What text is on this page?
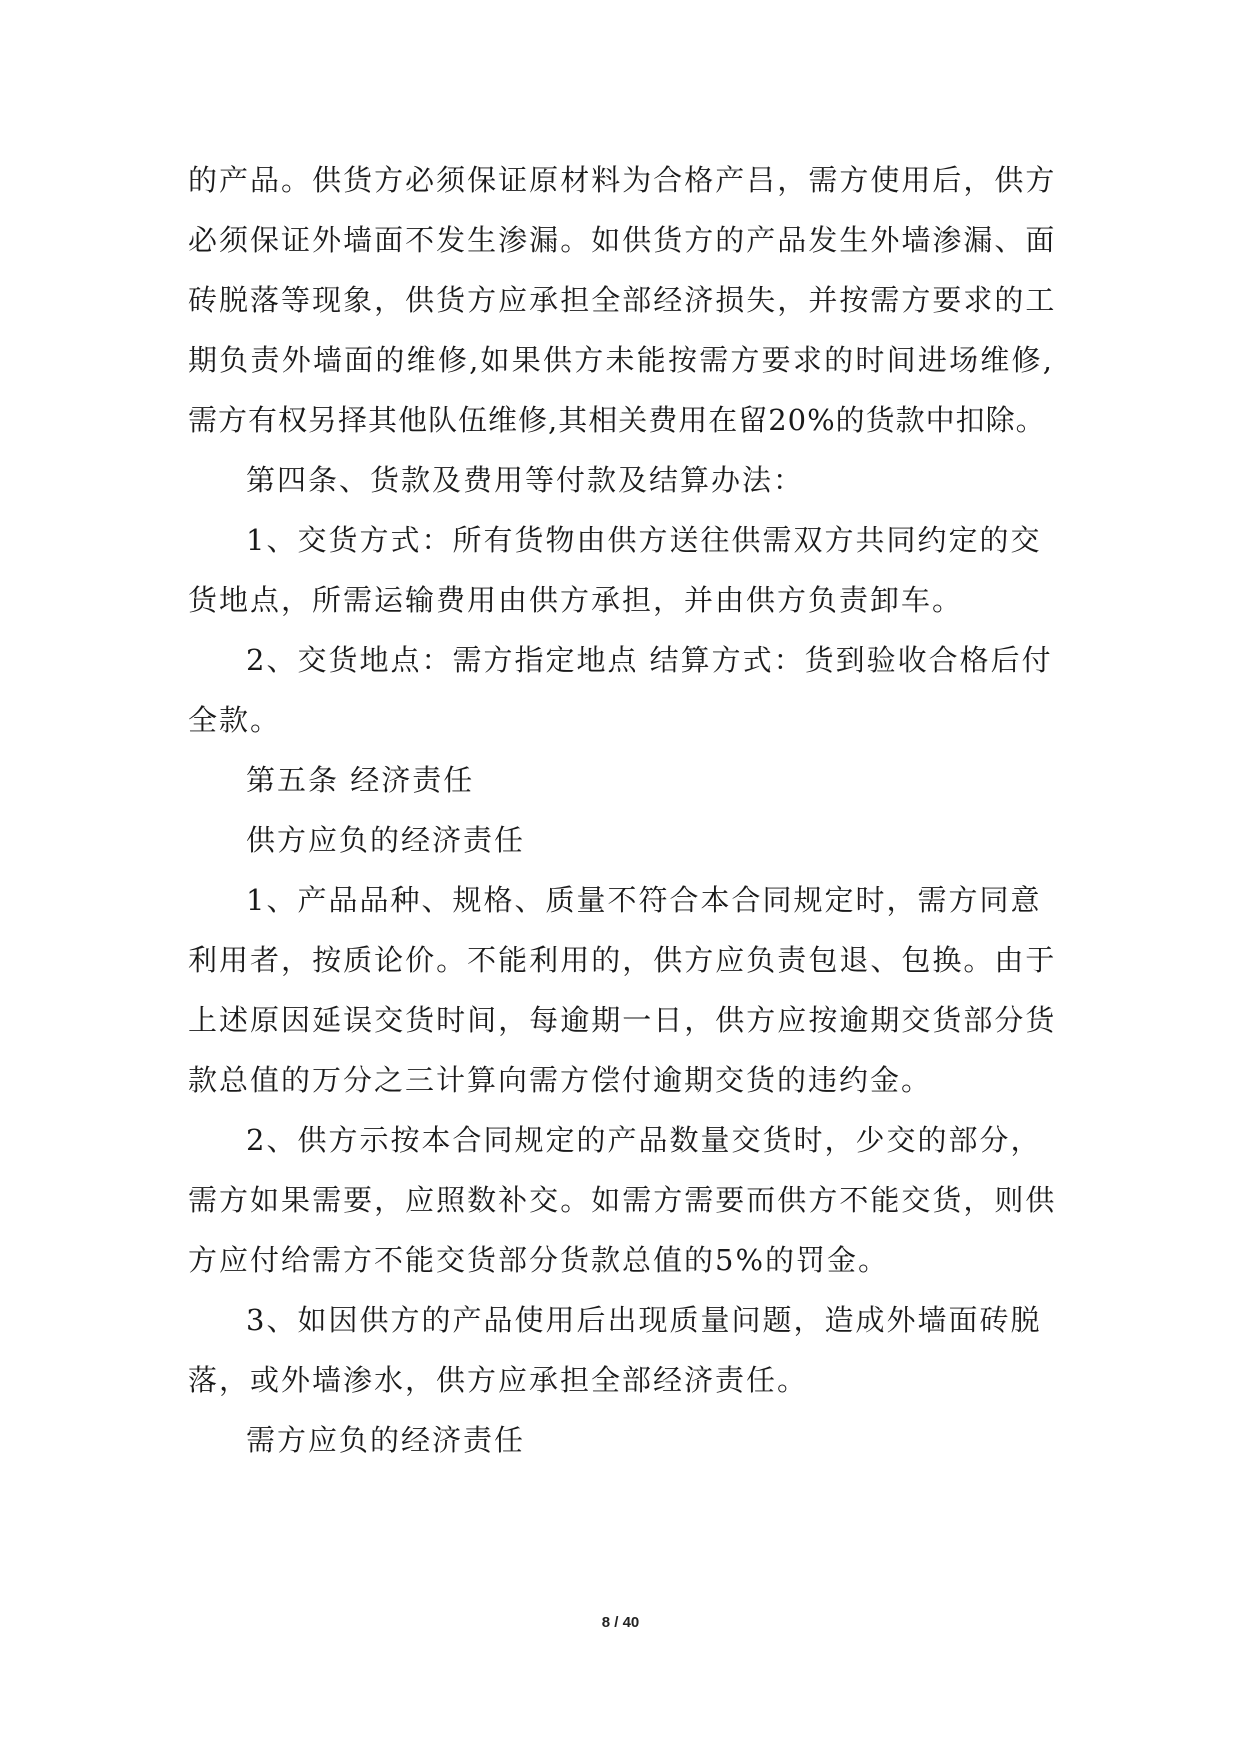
的 产 品 。 供 货 方 必 须 保 证 原 材 料 为 合 格 产 吕 ， 需 方 使 用 后 ， 供 方
必 须 保 证 外 墙 面 不 发 生 渗 漏 。 如 供 货 方 的 产 品 发 生 外 墙 渗 漏 、 面
砖 脱 落 等 现 象 ， 供 货 方 应 承 担 全 部 经 济 损 失 ， 并 按 需 方 要 求 的 工
期 负 责 外 墙 面 的 维 修 , 如 果 供 方 未 能 按 需 方 要 求 的 时 间 进 场 维 修 ,
需方有权另择其他队伍维修,其相关费用在留20%的货款中扣除。
第四条、货款及费用等付款及结算办法：
1、交货方式：所有货物由供方送往供需双方共同约定的交
货地点，所需运输费用由供方承担，并由供方负责卸车。
2、交货地点：需方指定地点 结算方式：货到验收合格后付
全款。
第五条 经济责任
供方应负的经济责任
1、产品品种、规格、质量不符合本合同规定时，需方同意
利 用 者 ， 按 质 论 价 。 不 能 利 用 的 ， 供 方 应 负 责 包 退 、 包 换 。 由 于
上 述 原 因 延 误 交 货 时 间 ， 每 逾 期 一 日 ， 供 方 应 按 逾 期 交 货 部 分 货
款总值的万分之三计算向需方偿付逾期交货的违约金。
2、供方示按本合同规定的产品数量交货时，少交的部分，
需 方 如 果 需 要 ， 应 照 数 补 交 。 如 需 方 需 要 而 供 方 不 能 交 货 ， 则 供
方应付给需方不能交货部分货款总值的5%的罚金。
3、如因供方的产品使用后出现质量问题，造成外墙面砖脱
落，或外墙渗水，供方应承担全部经济责任。
需方应负的经济责任
8 / 40
